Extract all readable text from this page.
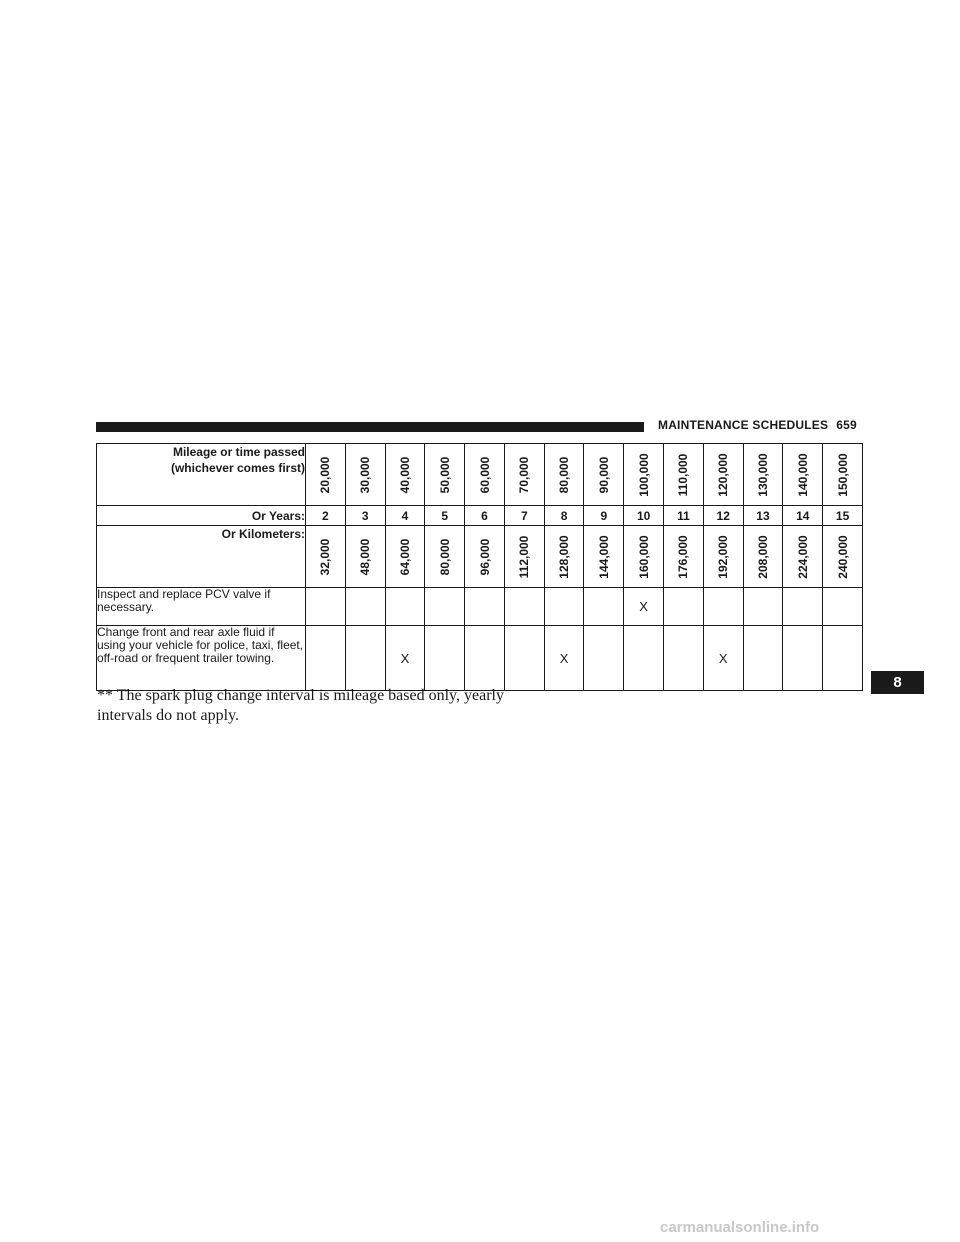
MAINTENANCE SCHEDULES 659
8
Mileage or time passed
(whichever comes first)	20,000	30,000	40,000	50,000	60,000	70,000	80,000	90,000	100,000	110,000	120,000	130,000	140,000	150,000

Or Years:	2	3	4	5	6	7	8	9	10	11	12	13	14	15
Or Kilometers:	32,000	48,000	64,000	80,000	96,000	112,000	128,000	144,000	160,000	176,000	192,000	208,000	224,000	240,000

Inspect and replace PCV valve if necessary.									X					
Change front and rear axle fluid if using your vehicle for police, taxi, fleet, off-road or frequent trailer towing.			X				X				X			
** The spark plug change interval is mileage based only, yearly intervals do not apply.
carmanualsonline.info
